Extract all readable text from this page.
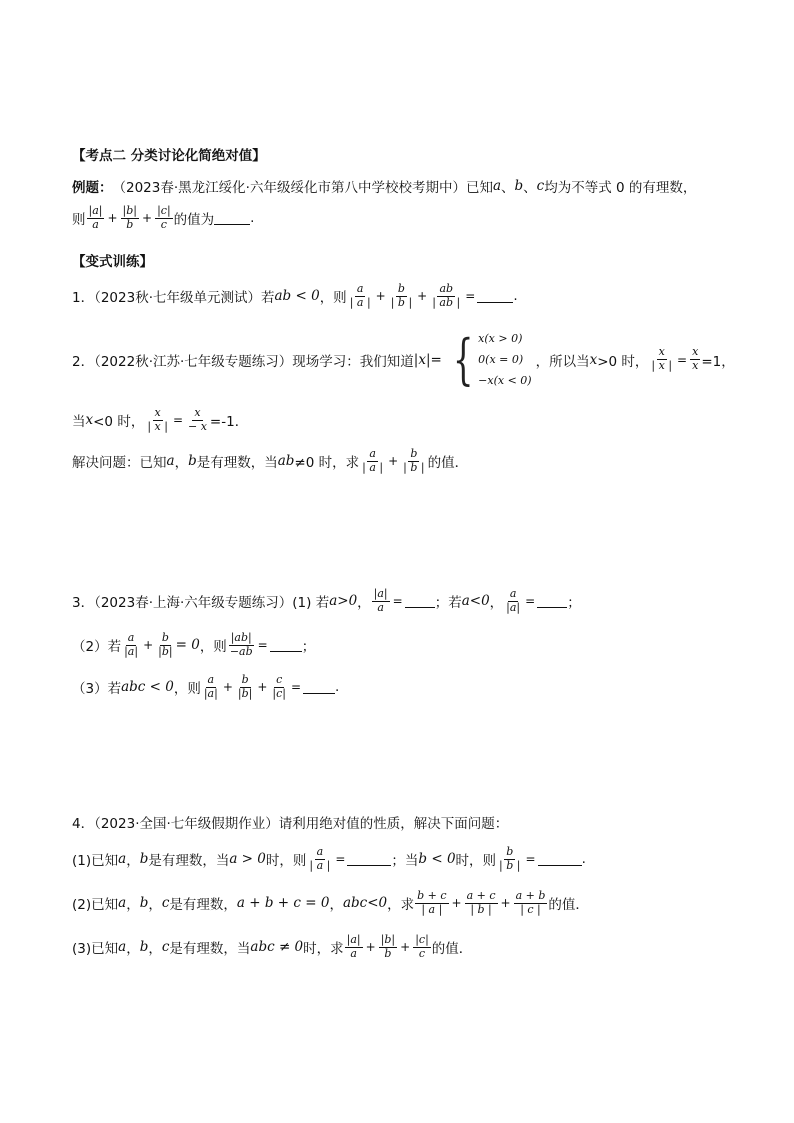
【考点二 分类讨论化简绝对值】
例题： （2023春·黑龙江绥化·六年级绥化市第八中学校校考期中）已知 a 、 b 、 c 均为不等式 0 的有理数，
则 $\frac{|a|}{a} + \frac{|b|}{b} + \frac{|c|}{c}$ 的值为	.
【变式训练】
1．（2023秋·七年级单元测试）若 ab < 0 ，则 $\frac{a}{| a |} + \frac{b}{| b |} + \frac{ab}{| ab |}$ =	.
2．（2022秋·江苏·七年级专题练习）现场学习：我们知道 |x| = { x(x > 0)
0(x = 0)
−x(x < 0)
，所以当 x >0 时， $\frac{x}{| x |} = \frac{x}{x} =1$，
当 x <0 时， $\frac{x}{| x |} = \frac{x}{- x} =-1$．
解决问题：已知 a ， b 是有理数，当 ab ≠0 时，求 $\frac{a}{| a |} + \frac{b}{| b |}$ 的值．
3．（2023春·上海·六年级专题练习）(1) 若 a>0 ， $\frac{|a|}{a}$ = ；若 a<0 ， $\frac{a}{|a|}$ = ；
（2）若 $\frac{a}{|a|} + \frac{b}{|b|} = 0$ ，则 $\frac{|ab|}{-ab}$ =	；
（3）若 abc < 0 ，则 $\frac{a}{|a|} + \frac{b}{|b|} + \frac{c}{|c|}$ =	.
4．（2023·全国·七年级假期作业）请利用绝对值的性质，解决下面问题：
(1)已知 a ， b 是有理数，当 a > 0 时，则 $\frac{a}{| a |}$ =	；当 b < 0 时，则 $\frac{b}{| b |}$ =	.
(2)已知 a ， b ， c 是有理数， a + b + c = 0 ， abc<0 ，求 $\frac{b + c}{| a |} + \frac{a + c}{| b |} + \frac{a + b}{| c |}$ 的值．
(3)已知 a ， b ， c 是有理数，当 abc ≠ 0 时，求 $\frac{|a|}{a} + \frac{|b|}{b} + \frac{|c|}{c}$ 的值．
